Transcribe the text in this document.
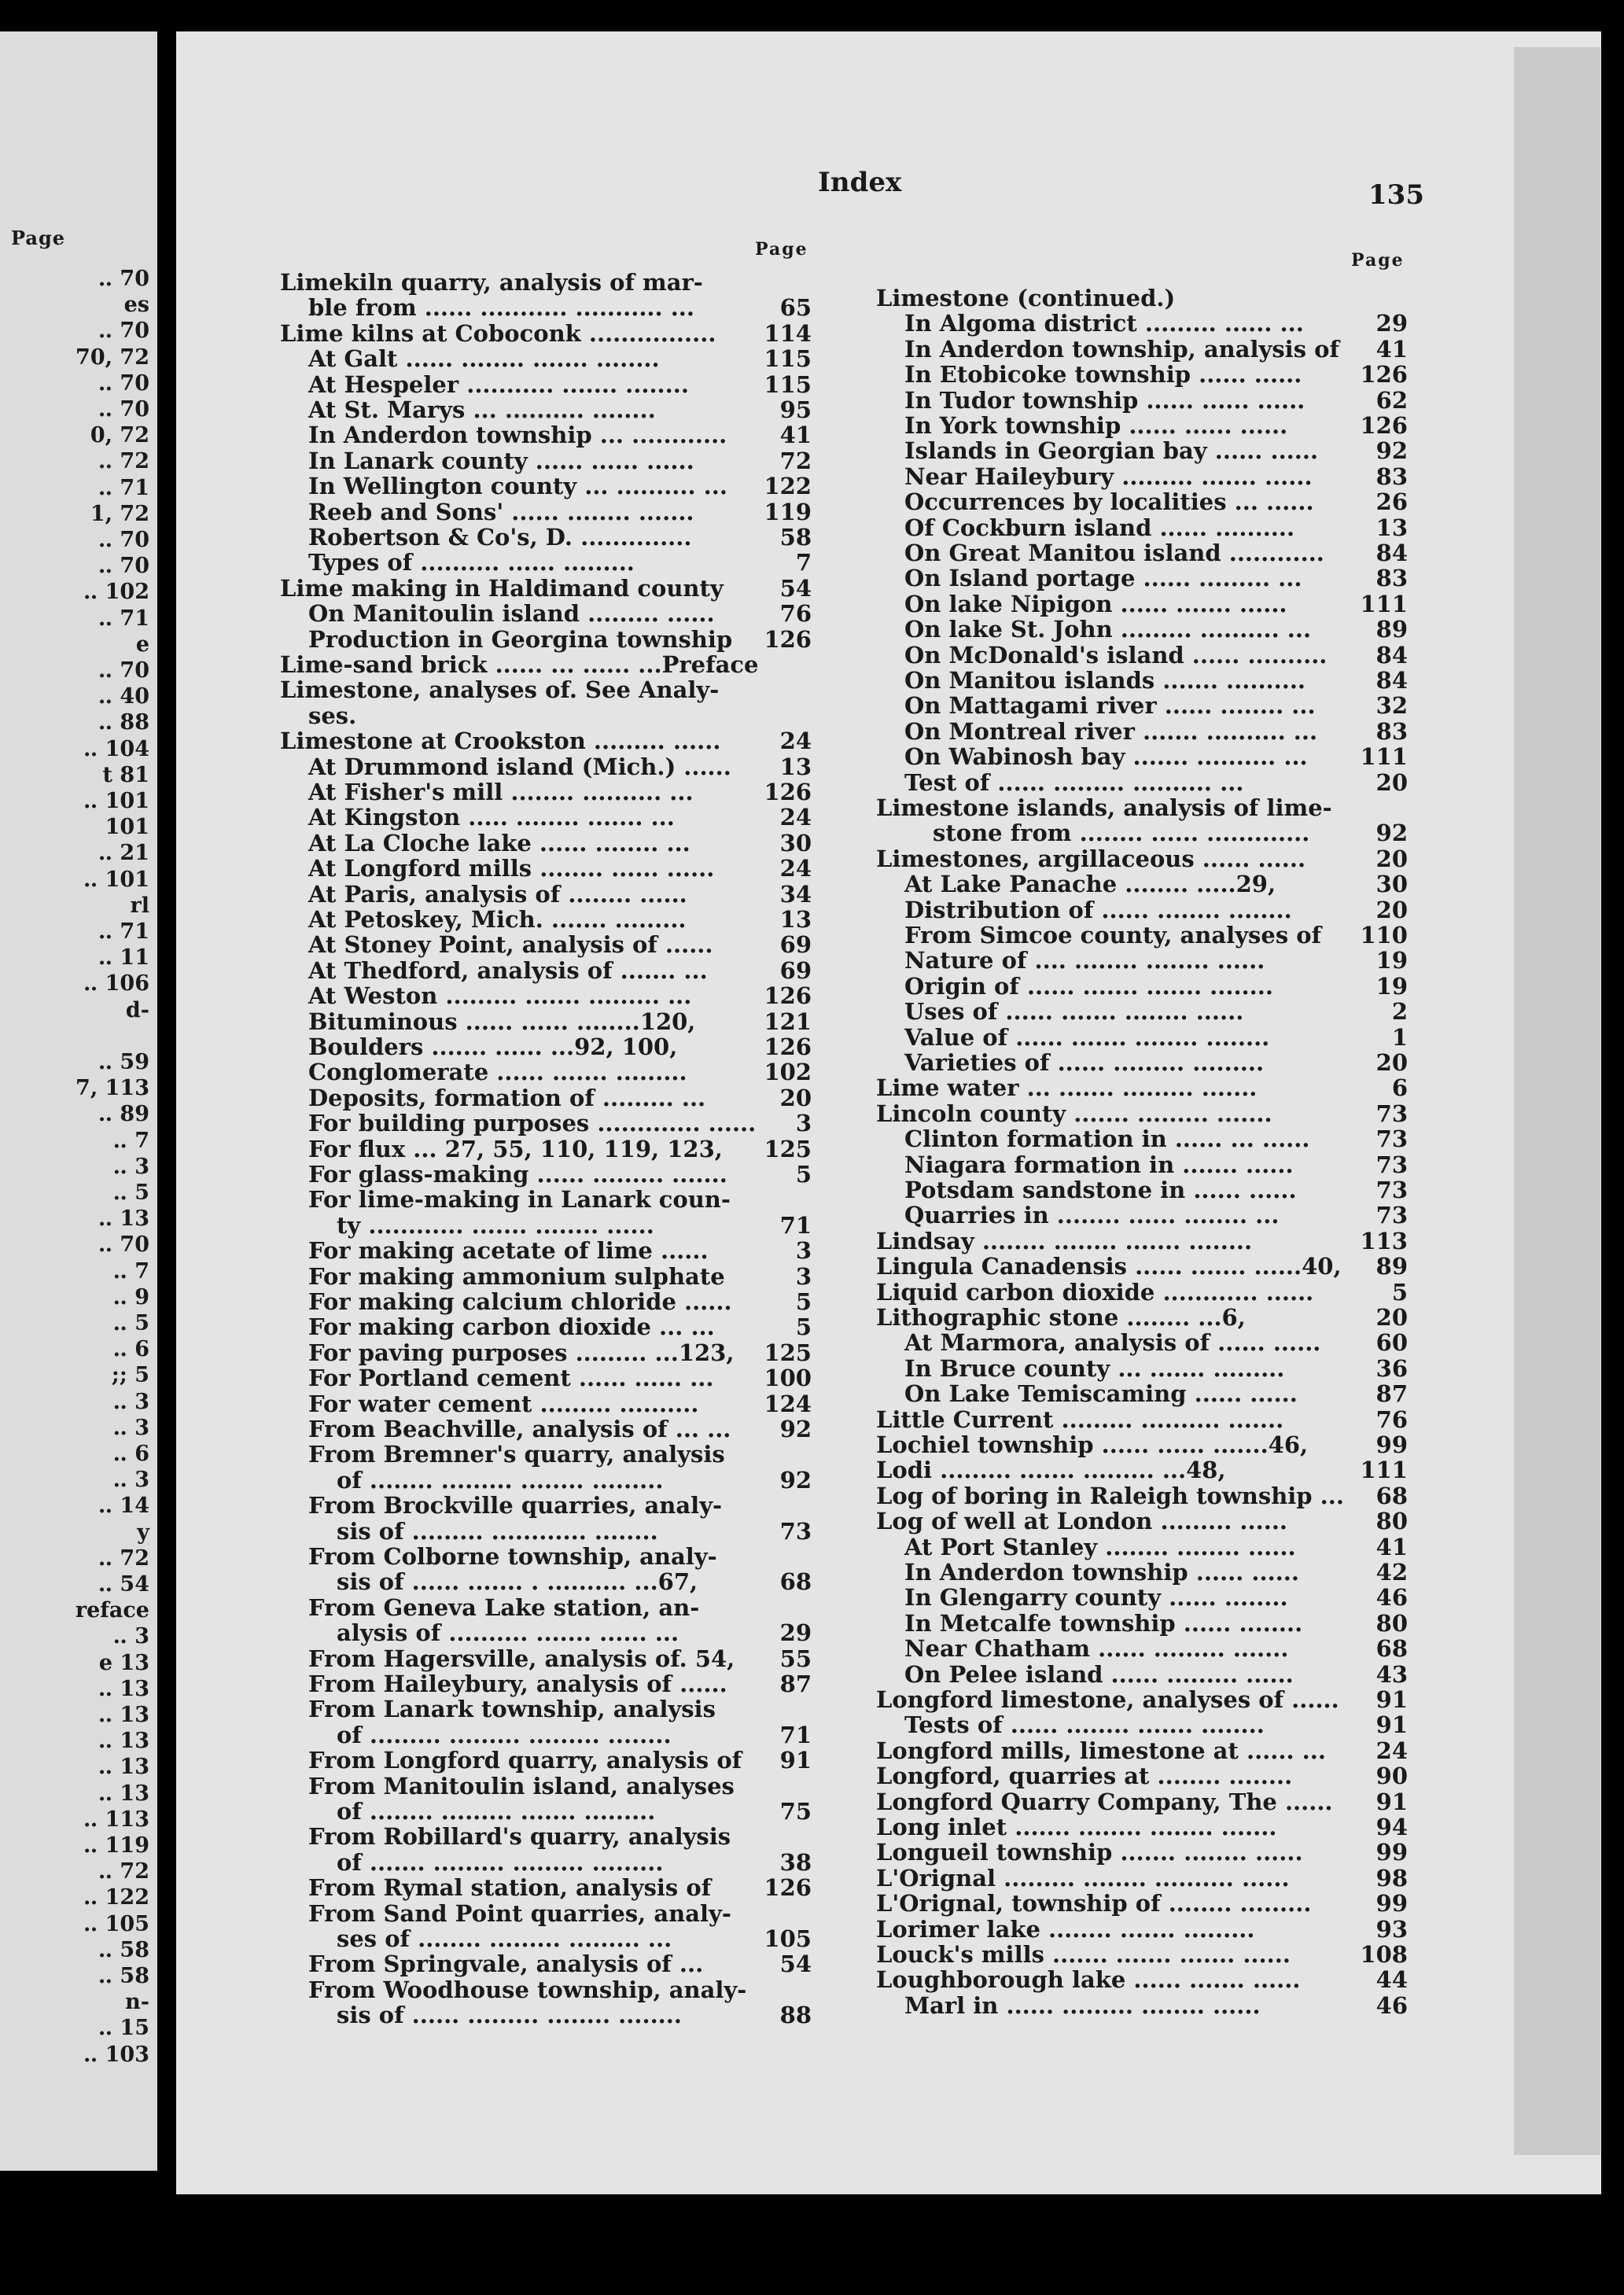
Page
‥ 70
es
‥ 70
70, 72
‥ 70
‥ 70
0, 72
‥ 72
‥ 71
1, 72
‥ 70
‥ 70
‥ 102
‥ 71
e
‥ 70
‥ 40
‥ 88
‥ 104
t 81
‥ 101
101
‥ 21
‥ 101
rl
‥ 71
‥ 11
‥ 106
d-
‥ 59
7, 113
‥ 89
‥ 7
‥ 3
‥ 5
‥ 13
‥ 70
‥ 7
‥ 9
‥ 5
‥ 6
;; 5
‥ 3
‥ 3
‥ 6
‥ 3
‥ 14
y
‥ 72
‥ 54
reface
‥ 3
e 13
‥ 13
‥ 13
‥ 13
‥ 13
‥ 13
‥ 113
‥ 119
‥ 72
‥ 122
‥ 105
‥ 58
‥ 58
n-
‥ 15
‥ 103
Index	135
Page
Page
Limekiln quarry, analysis of mar-
ble from ...... ........... ........... ...	65
Lime kilns at Coboconk ................ 114
At Galt ...... ........ ....... ........	115
At Hespeler ........... ....... ........	115
At St. Marys ... .......... ........	95
In Anderdon township ... ............ 41
In Lanark county ...... ...... ......	72
In Wellington county ... .......... ... 122
Reeb and Sons' ...... ........ .......	119
Robertson & Co's, D. ..............	58
Types of .......... ...... .........	7
Lime making in Haldimand county 54
On Manitoulin island ......... ......	76
Production in Georgina township 126
Lime-sand brick ...... ... ...... ...Preface
Limestone, analyses of. See Analy-
ses.
Limestone at Crookston ......... ......	24
At Drummond island (Mich.) ...... 13
At Fisher's mill ........ .......... ...	126
At Kingston ..... ........ ....... ...	24
At La Cloche lake ...... ........ ...	30
At Longford mills ........ ...... ......	24
At Paris, analysis of ........ ......	34
At Petoskey, Mich. ....... .........	13
At Stoney Point, analysis of ......	69
At Thedford, analysis of ....... ...	69
At Weston ......... ....... ......... ...	126
Bituminous ...... ...... ........120,	121
Boulders ....... ...... ...92, 100,	126
Conglomerate ...... ....... .........	102
Deposits, formation of ......... ...	20
For building purposes ............. ...... 3
For flux ... 27, 55, 110, 119, 123, 125
For glass-making ...... ......... .......	5
For lime-making in Lanark coun-
ty ............ ....... ........ ......	71
For making acetate of lime ......	3
For making ammonium sulphate	3
For making calcium chloride ......	5
For making carbon dioxide ... ...	5
For paving purposes ......... ...123, 125
For Portland cement ...... ...... ... 100
For water cement ......... ..........	124
From Beachville, analysis of ... ... 92
From Bremner's quarry, analysis
of ........ ......... ........ .........	92
From Brockville quarries, analy-
sis of ......... ............ ........	73
From Colborne township, analy-
sis of ...... ....... . .......... ...67,	68
From Geneva Lake station, an-
alysis of .......... ....... ...... ...	29
From Hagersville, analysis of. 54, 55
From Haileybury, analysis of ...... 87
From Lanark township, analysis
of ......... ......... ......... ........	71
From Longford quarry, analysis of 91
From Manitoulin island, analyses
of ........ ......... ....... .........	75
From Robillard's quarry, analysis
of ....... ......... ......... .........	38
From Rymal station, analysis of 126
From Sand Point quarries, analy-
ses of ........ ......... ......... ...	105
From Springvale, analysis of ...	54
From Woodhouse township, analy-
sis of ...... ......... ........ ........	88
Limestone (continued.)
In Algoma district ......... ...... ...	29
In Anderdon township, analysis of 41
In Etobicoke township ...... ......	126
In Tudor township ...... ...... ......	62
In York township ...... ...... ......	126
Islands in Georgian bay ...... ......	92
Near Haileybury ......... ....... ......	83
Occurrences by localities ... ......	26
Of Cockburn island ...... ..........	13
On Great Manitou island ............ 84
On Island portage ...... ......... ...	83
On lake Nipigon ...... ....... ......	111
On lake St. John ......... .......... ...	89
On McDonald's island ...... .......... 84
On Manitou islands ....... ..........	84
On Mattagami river ...... ........ ...	32
On Montreal river ....... .......... ...	83
On Wabinosh bay ....... .......... ... 111
Test of ...... ......... .......... ...	20
Limestone islands, analysis of lime-
stone from ........ ...... .............	92
Limestones, argillaceous ...... ......	20
At Lake Panache ........ .....29,	30
Distribution of ...... ........ ........	20
From Simcoe county, analyses of 110
Nature of .... ........ ........ ......	19
Origin of ...... ....... ....... ........	19
Uses of ...... ....... ........ ......	2
Value of ...... ....... ........ ........	1
Varieties of ...... ......... .........	20
Lime water ... ....... ......... .......	6
Lincoln county ....... ......... .......	73
Clinton formation in ...... ... ......	73
Niagara formation in ....... ......	73
Potsdam sandstone in ...... ......	73
Quarries in ........ ...... ........ ...	73
Lindsay ........ ........ ....... ........	113
Lingula Canadensis ...... ....... ......40, 89
Liquid carbon dioxide ............ ......	5
Lithographic stone ........ ...6,	20
At Marmora, analysis of ...... ...... 60
In Bruce county ... ....... .........	36
On Lake Temiscaming ...... ......	87
Little Current ......... .......... .......	76
Lochiel township ...... ...... .......46,	99
Lodi ......... ....... ......... ...48,	111
Log of boring in Raleigh township ... 68
Log of well at London ......... ......	80
At Port Stanley ........ ........ ......	41
In Anderdon township ...... ......	42
In Glengarry county ...... ........	46
In Metcalfe township ...... ........	80
Near Chatham ...... ......... .......	68
On Pelee island ...... ......... ......	43
Longford limestone, analyses of ...... 91
Tests of ...... ........ ....... ........	91
Longford mills, limestone at ...... ... 24
Longford, quarries at ........ ........	90
Longford Quarry Company, The ...... 91
Long inlet ....... ........ ........ .......	94
Longueil township ....... ........ ......	99
L'Orignal ......... ........ .......... ......	98
L'Orignal, township of ........ .........	99
Lorimer lake ........ ....... .........	93
Louck's mills ....... ....... ....... ......	108
Loughborough lake ...... ....... ......	44
Marl in ...... ......... ........ ......	46
